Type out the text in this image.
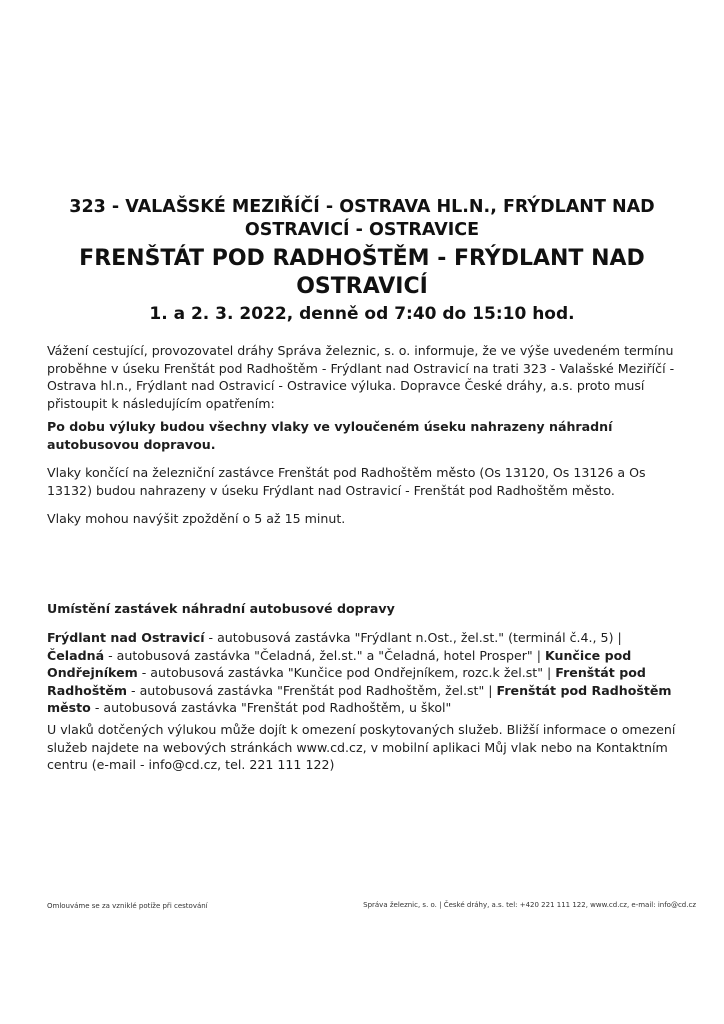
323 - VALAŠSKÉ MEZIŘÍČÍ - OSTRAVA HL.N., FRÝDLANT NAD OSTRAVICÍ - OSTRAVICE
FRENŠTÁT POD RADHOŠTĚM - FRÝDLANT NAD OSTRAVICÍ

1. a 2. 3. 2022, denně od 7:40 do 15:10 hod.

Vážení cestující, provozovatel dráhy Správa železnic, s. o. informuje, že ve výše uvedeném termínu proběhne v úseku Frenštát pod Radhoštěm - Frýdlant nad Ostravicí na trati 323 - Valašské Meziříčí - Ostrava hl.n., Frýdlant nad Ostravicí - Ostravice výluka. Dopravce České dráhy, a.s. proto musí přistoupit k následujícím opatřením:

Po dobu výluky budou všechny vlaky ve vyloučeném úseku nahrazeny náhradní autobusovou dopravou.

Vlaky končící na železniční zastávce Frenštát pod Radhoštěm město (Os 13120, Os 13126 a Os 13132) budou nahrazeny v úseku Frýdlant nad Ostravicí - Frenštát pod Radhoštěm město.

Vlaky mohou navýšit zpoždění o 5 až 15 minut.

Umístění zastávek náhradní autobusové dopravy

Frýdlant nad Ostravicí - autobusová zastávka "Frýdlant n.Ost., žel.st." (terminál č.4., 5) | Čeladná - autobusová zastávka "Čeladná, žel.st." a "Čeladná, hotel Prosper" | Kunčice pod Ondřejníkem - autobusová zastávka "Kunčice pod Ondřejníkem, rozc.k žel.st" | Frenštát pod Radhoštěm - autobusová zastávka "Frenštát pod Radhoštěm, žel.st" | Frenštát pod Radhoštěm město - autobusová zastávka "Frenštát pod Radhoštěm, u škol"

U vlaků dotčených výlukou může dojít k omezení poskytovaných služeb. Bližší informace o omezení služeb najdete na webových stránkách www.cd.cz, v mobilní aplikaci Můj vlak nebo na Kontaktním centru (e-mail - info@cd.cz, tel. 221 111 122)

Omlouváme se za vzniklé potíže při cestování	Správa železnic, s. o. | České dráhy, a.s. tel: +420 221 111 122, www.cd.cz, e-mail: info@cd.cz
